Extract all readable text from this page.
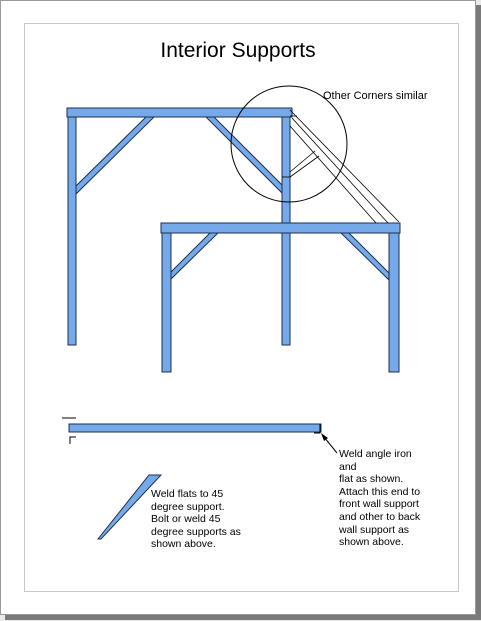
Interior Supports
Other Corners similar
Weld flats to 45
degree support.
Bolt or weld 45
degree supports as
shown above.
Weld angle iron
and
flat as shown.
Attach this end to
front wall support
and other to back
wall support as
shown above.
